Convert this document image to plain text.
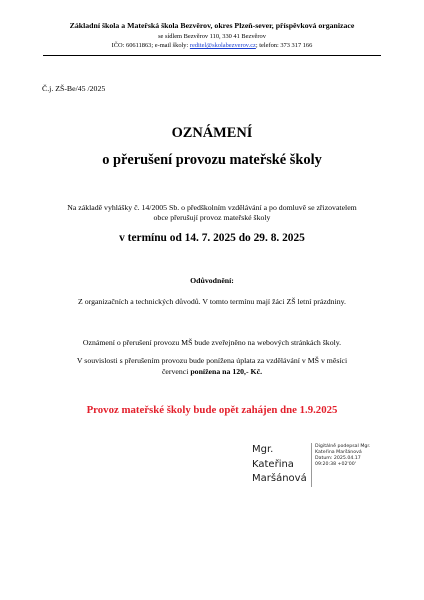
Základní škola a Mateřská škola Bezvěrov, okres Plzeň-sever, příspěvková organizace
se sídlem Bezvěrov 110, 330 41 Bezvěrov
IČO: 60611863; e-mail školy: reditel@skolabezverov.cz; telefon: 373 317 166
Č.j. ZŠ-Be/45 /2025
OZNÁMENÍ
o přerušení provozu mateřské školy
Na základě vyhlášky č. 14/2005 Sb. o předškolním vzdělávání a po domluvě se zřizovatelem
obce přerušují provoz mateřské školy
v termínu od 14. 7. 2025 do 29. 8. 2025
Odůvodnění:
Z organizačních a technických důvodů. V tomto termínu mají žáci ZŠ letní prázdniny.
Oznámení o přerušení provozu MŠ bude zveřejněno na webových stránkách školy.
V souvislosti s přerušením provozu bude ponížena úplata za vzdělávání v MŠ v měsíci
červenci ponížena na 120,- Kč.
Provoz mateřské školy bude opět zahájen dne 1.9.2025
Mgr. Kateřina
Maršánová
Digitálně podepsal Mgr.
Kateřina Maršánová
Datum: 2025.04.17
09:20:38 +02'00'
